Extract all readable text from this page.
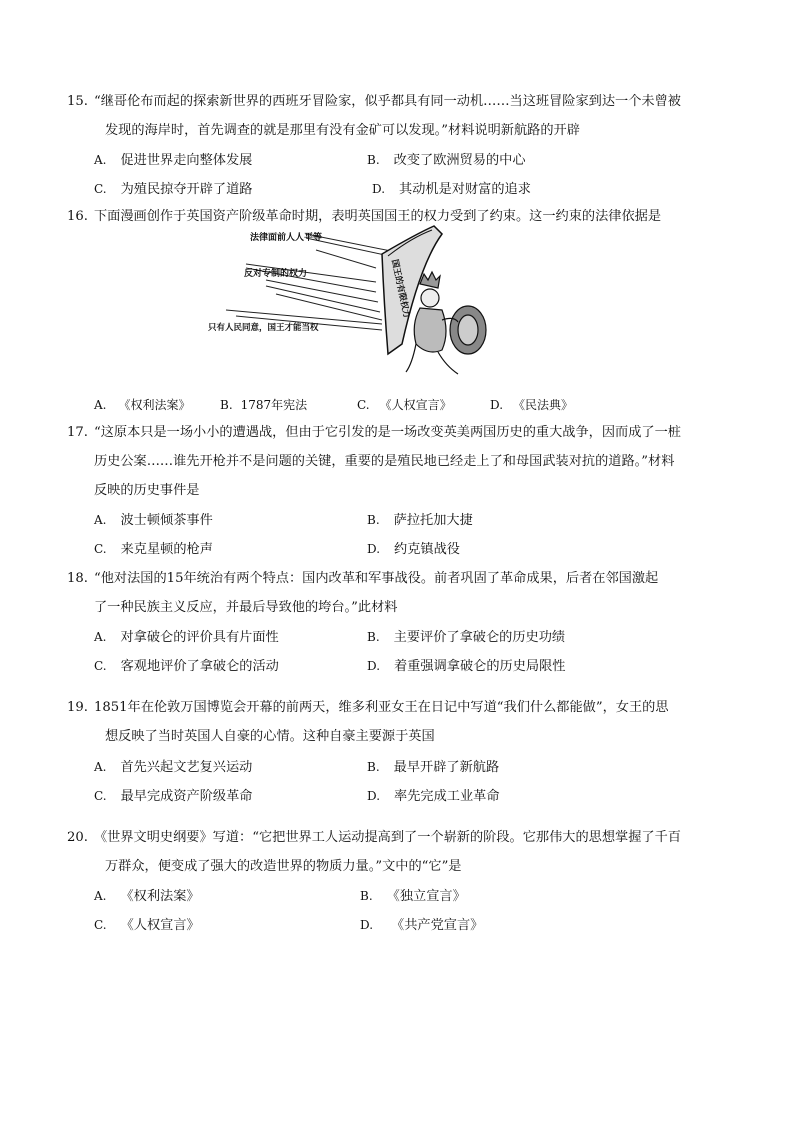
15. “继哥伦布而起的探索新世界的西班牙冒险家，似乎都具有同一动机……当这班冒险家到达一个未曾被
发现的海岸时，首先调查的就是那里有没有金矿可以发现。”材料说明新航路的开辟
A. 促进世界走向整体发展	B. 改变了欧洲贸易的中心
C. 为殖民掠夺开辟了道路	D. 其动机是对财富的追求
16. 下面漫画创作于英国资产阶级革命时期，表明英国国王的权力受到了约束。这一约束的法律依据是
法律面前人人平等
反对专制的权力
只有人民同意，国王才能当权
国王的有限权力
A. 《权利法案》 B. 1787年宪法	C. 《人权宣言》	D. 《民法典》
17. “这原本只是一场小小的遭遇战，但由于它引发的是一场改变英美两国历史的重大战争，因而成了一桩
历史公案……谁先开枪并不是问题的关键，重要的是殖民地已经走上了和母国武装对抗的道路。”材料
反映的历史事件是
A. 波士顿倾茶事件	B. 萨拉托加大捷
C. 来克星顿的枪声	D. 约克镇战役
18. “他对法国的15年统治有两个特点：国内改革和军事战役。前者巩固了革命成果，后者在邻国激起
了一种民族主义反应，并最后导致他的垮台。”此材料
A. 对拿破仑的评价具有片面性	B. 主要评价了拿破仑的历史功绩
C. 客观地评价了拿破仑的活动	D. 着重强调拿破仑的历史局限性
19. 1851年在伦敦万国博览会开幕的前两天，维多利亚女王在日记中写道“我们什么都能做”，女王的思
想反映了当时英国人自豪的心情。这种自豪主要源于英国
A. 首先兴起文艺复兴运动	B. 最早开辟了新航路
C. 最早完成资产阶级革命	D. 率先完成工业革命
20. 《世界文明史纲要》写道：“它把世界工人运动提高到了一个崭新的阶段。它那伟大的思想掌握了千百
万群众，便变成了强大的改造世界的物质力量。”文中的“它”是
A. 《权利法案》	B. 《独立宣言》
C. 《人权宣言》	D. 《共产党宣言》
